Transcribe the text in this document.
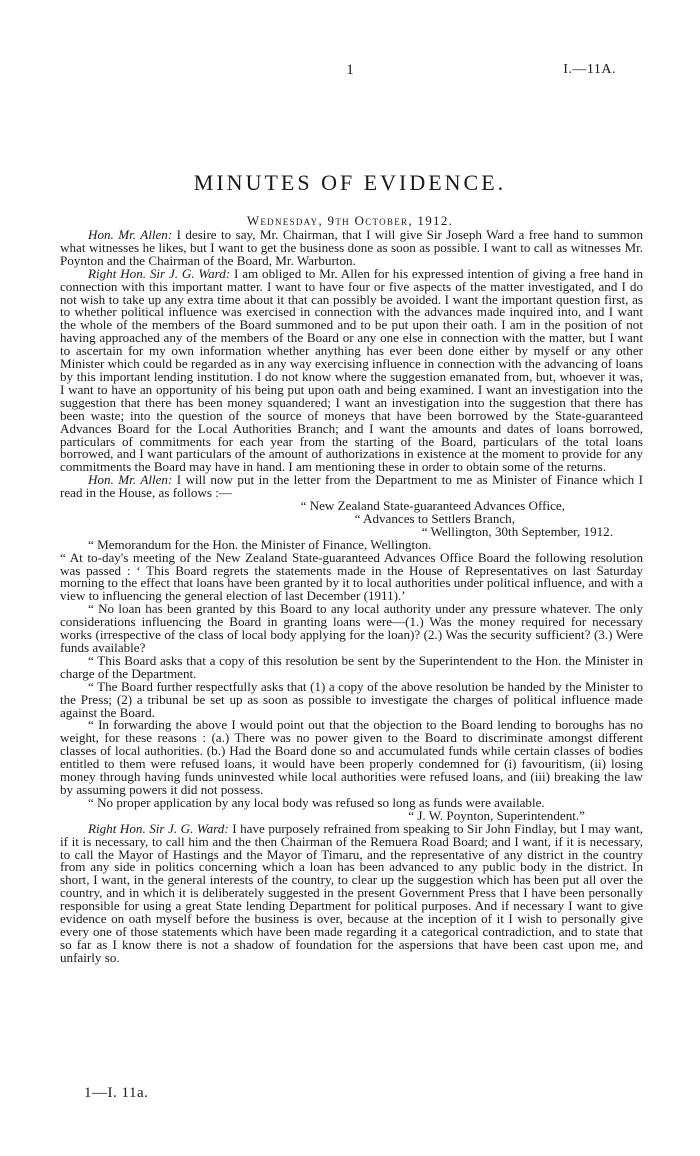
1	I.—11A.
MINUTES OF EVIDENCE.
Wednesday, 9th October, 1912.

Hon. Mr. Allen: I desire to say, Mr. Chairman, that I will give Sir Joseph Ward a free hand to summon what witnesses he likes, but I want to get the business done as soon as possible. I want to call as witnesses Mr. Poynton and the Chairman of the Board, Mr. Warburton.

Right Hon. Sir J. G. Ward: I am obliged to Mr. Allen for his expressed intention of giving a free hand in connection with this important matter. I want to have four or five aspects of the matter investigated, and I do not wish to take up any extra time about it that can possibly be avoided. I want the important question first, as to whether political influence was exercised in connection with the advances made inquired into, and I want the whole of the members of the Board summoned and to be put upon their oath. I am in the position of not having approached any of the members of the Board or any one else in connection with the matter, but I want to ascertain for my own information whether anything has ever been done either by myself or any other Minister which could be regarded as in any way exercising influence in connection with the advancing of loans by this important lending institution. I do not know where the suggestion emanated from, but, whoever it was, I want to have an opportunity of his being put upon oath and being examined. I want an investigation into the suggestion that there has been money squandered; I want an investigation into the suggestion that there has been waste; into the question of the source of moneys that have been borrowed by the State-guaranteed Advances Board for the Local Authorities Branch; and I want the amounts and dates of loans borrowed, particulars of commitments for each year from the starting of the Board, particulars of the total loans borrowed, and I want particulars of the amount of authorizations in existence at the moment to provide for any commitments the Board may have in hand. I am mentioning these in order to obtain some of the returns.

Hon. Mr. Allen: I will now put in the letter from the Department to me as Minister of Finance which I read in the House, as follows :—

“ New Zealand State-guaranteed Advances Office,

“ Advances to Settlers Branch,

“ Wellington, 30th September, 1912.

“ Memorandum for the Hon. the Minister of Finance, Wellington.

“ At to-day's meeting of the New Zealand State-guaranteed Advances Office Board the following resolution was passed : ‘ This Board regrets the statements made in the House of Representatives on last Saturday morning to the effect that loans have been granted by it to local authorities under political influence, and with a view to influencing the general election of last December (1911).’

“ No loan has been granted by this Board to any local authority under any pressure whatever. The only considerations influencing the Board in granting loans were—(1.) Was the money required for necessary works (irrespective of the class of local body applying for the loan)? (2.) Was the security sufficient? (3.) Were funds available?

“ This Board asks that a copy of this resolution be sent by the Superintendent to the Hon. the Minister in charge of the Department.

“ The Board further respectfully asks that (1) a copy of the above resolution be handed by the Minister to the Press; (2) a tribunal be set up as soon as possible to investigate the charges of political influence made against the Board.

“ In forwarding the above I would point out that the objection to the Board lending to boroughs has no weight, for these reasons : (a.) There was no power given to the Board to discriminate amongst different classes of local authorities. (b.) Had the Board done so and accumulated funds while certain classes of bodies entitled to them were refused loans, it would have been properly condemned for (i) favouritism, (ii) losing money through having funds uninvested while local authorities were refused loans, and (iii) breaking the law by assuming powers it did not possess.

“ No proper application by any local body was refused so long as funds were available.

“ J. W. Poynton, Superintendent.”

Right Hon. Sir J. G. Ward: I have purposely refrained from speaking to Sir John Findlay, but I may want, if it is necessary, to call him and the then Chairman of the Remuera Road Board; and I want, if it is necessary, to call the Mayor of Hastings and the Mayor of Timaru, and the representative of any district in the country from any side in politics concerning which a loan has been advanced to any public body in the district. In short, I want, in the general interests of the country, to clear up the suggestion which has been put all over the country, and in which it is deliberately suggested in the present Government Press that I have been personally responsible for using a great State lending Department for political purposes. And if necessary I want to give evidence on oath myself before the business is over, because at the inception of it I wish to personally give every one of those statements which have been made regarding it a categorical contradiction, and to state that so far as I know there is not a shadow of foundation for the aspersions that have been cast upon me, and unfairly so.

1—I. 11a.
